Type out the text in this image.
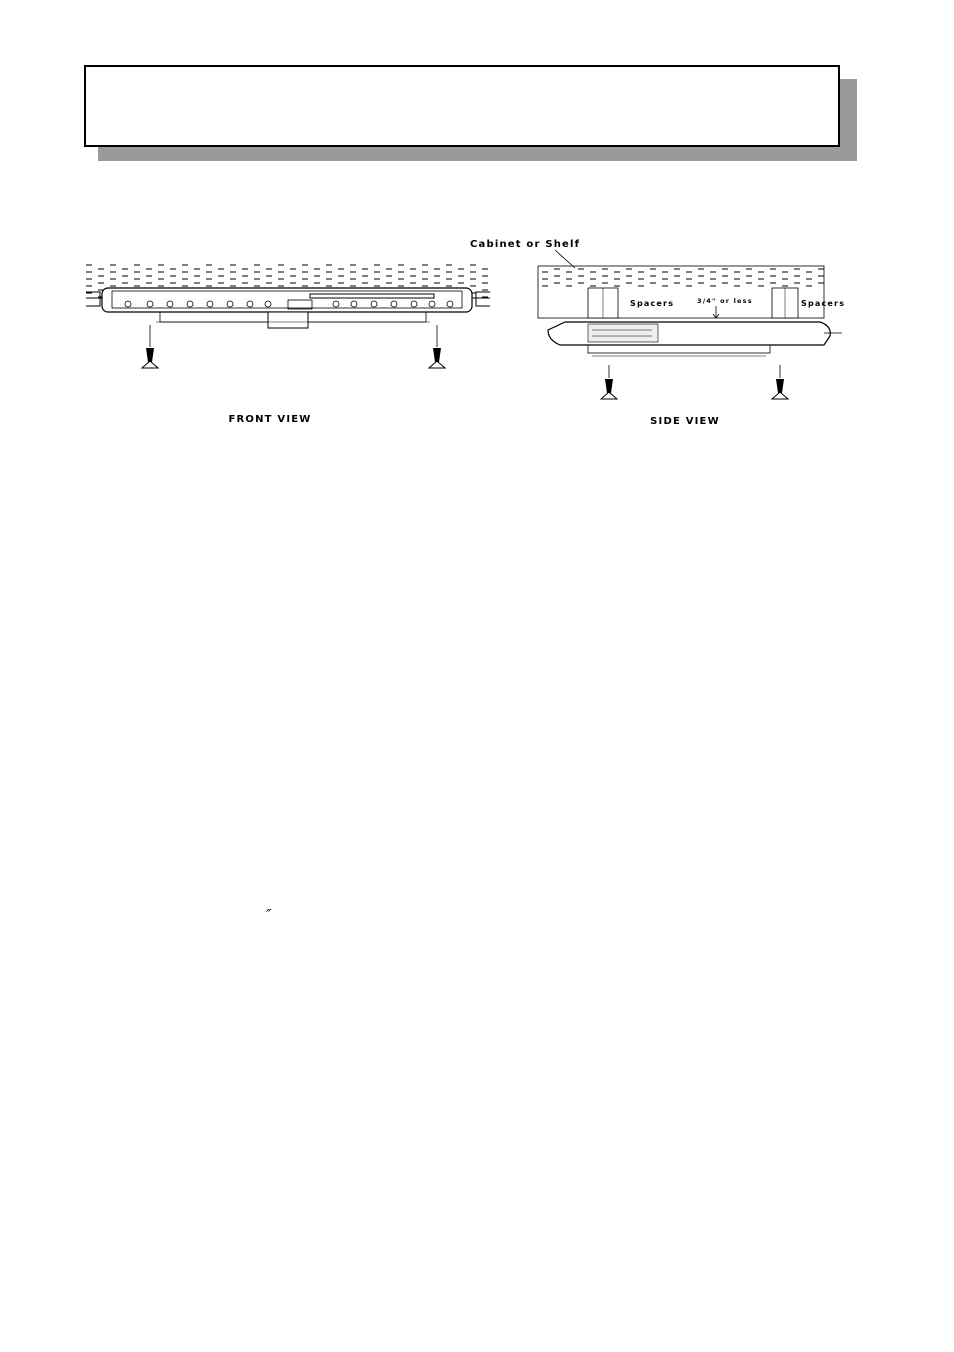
FRONT VIEW
Cabinet or Shelf
Spacers	Spacers
3/4" or less
SIDE VIEW
″
